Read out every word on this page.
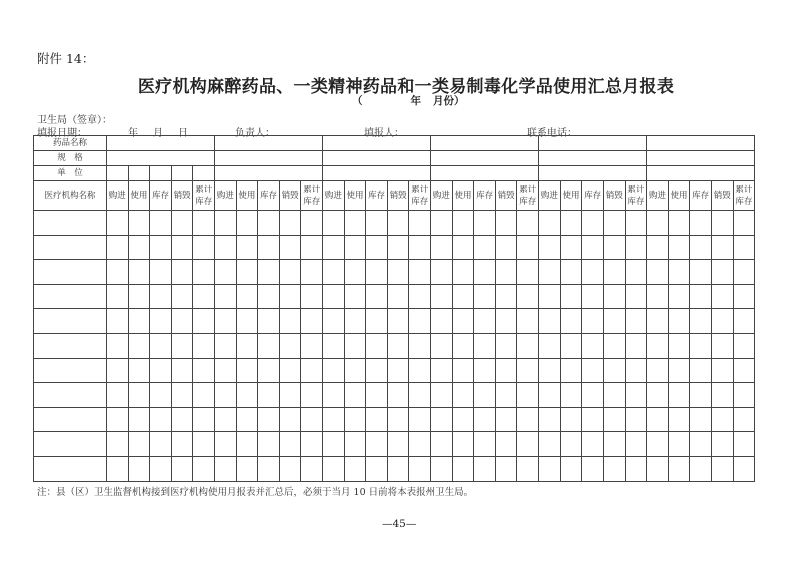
附件 14：
医疗机构麻醉药品、一类精神药品和一类易制毒化学品使用汇总月报表
（	年 月份）
卫生局（签章）：
填报日期：	年 月 日	负责人：	填报人：	联系电话：
药品名称																														
规　格																														
单　位																														
医疗机构名称	购进	使用	库存	销毁	累计库存	购进	使用	库存	销毁	累计库存	购进	使用	库存	销毁	累计库存	购进	使用	库存	销毁	累计库存	购进	使用	库存	销毁	累计库存	购进	使用	库存	销毁	累计库存

注：县（区）卫生监督机构接到医疗机构使用月报表并汇总后，必须于当月 10 日前将本表报州卫生局。
—45—
